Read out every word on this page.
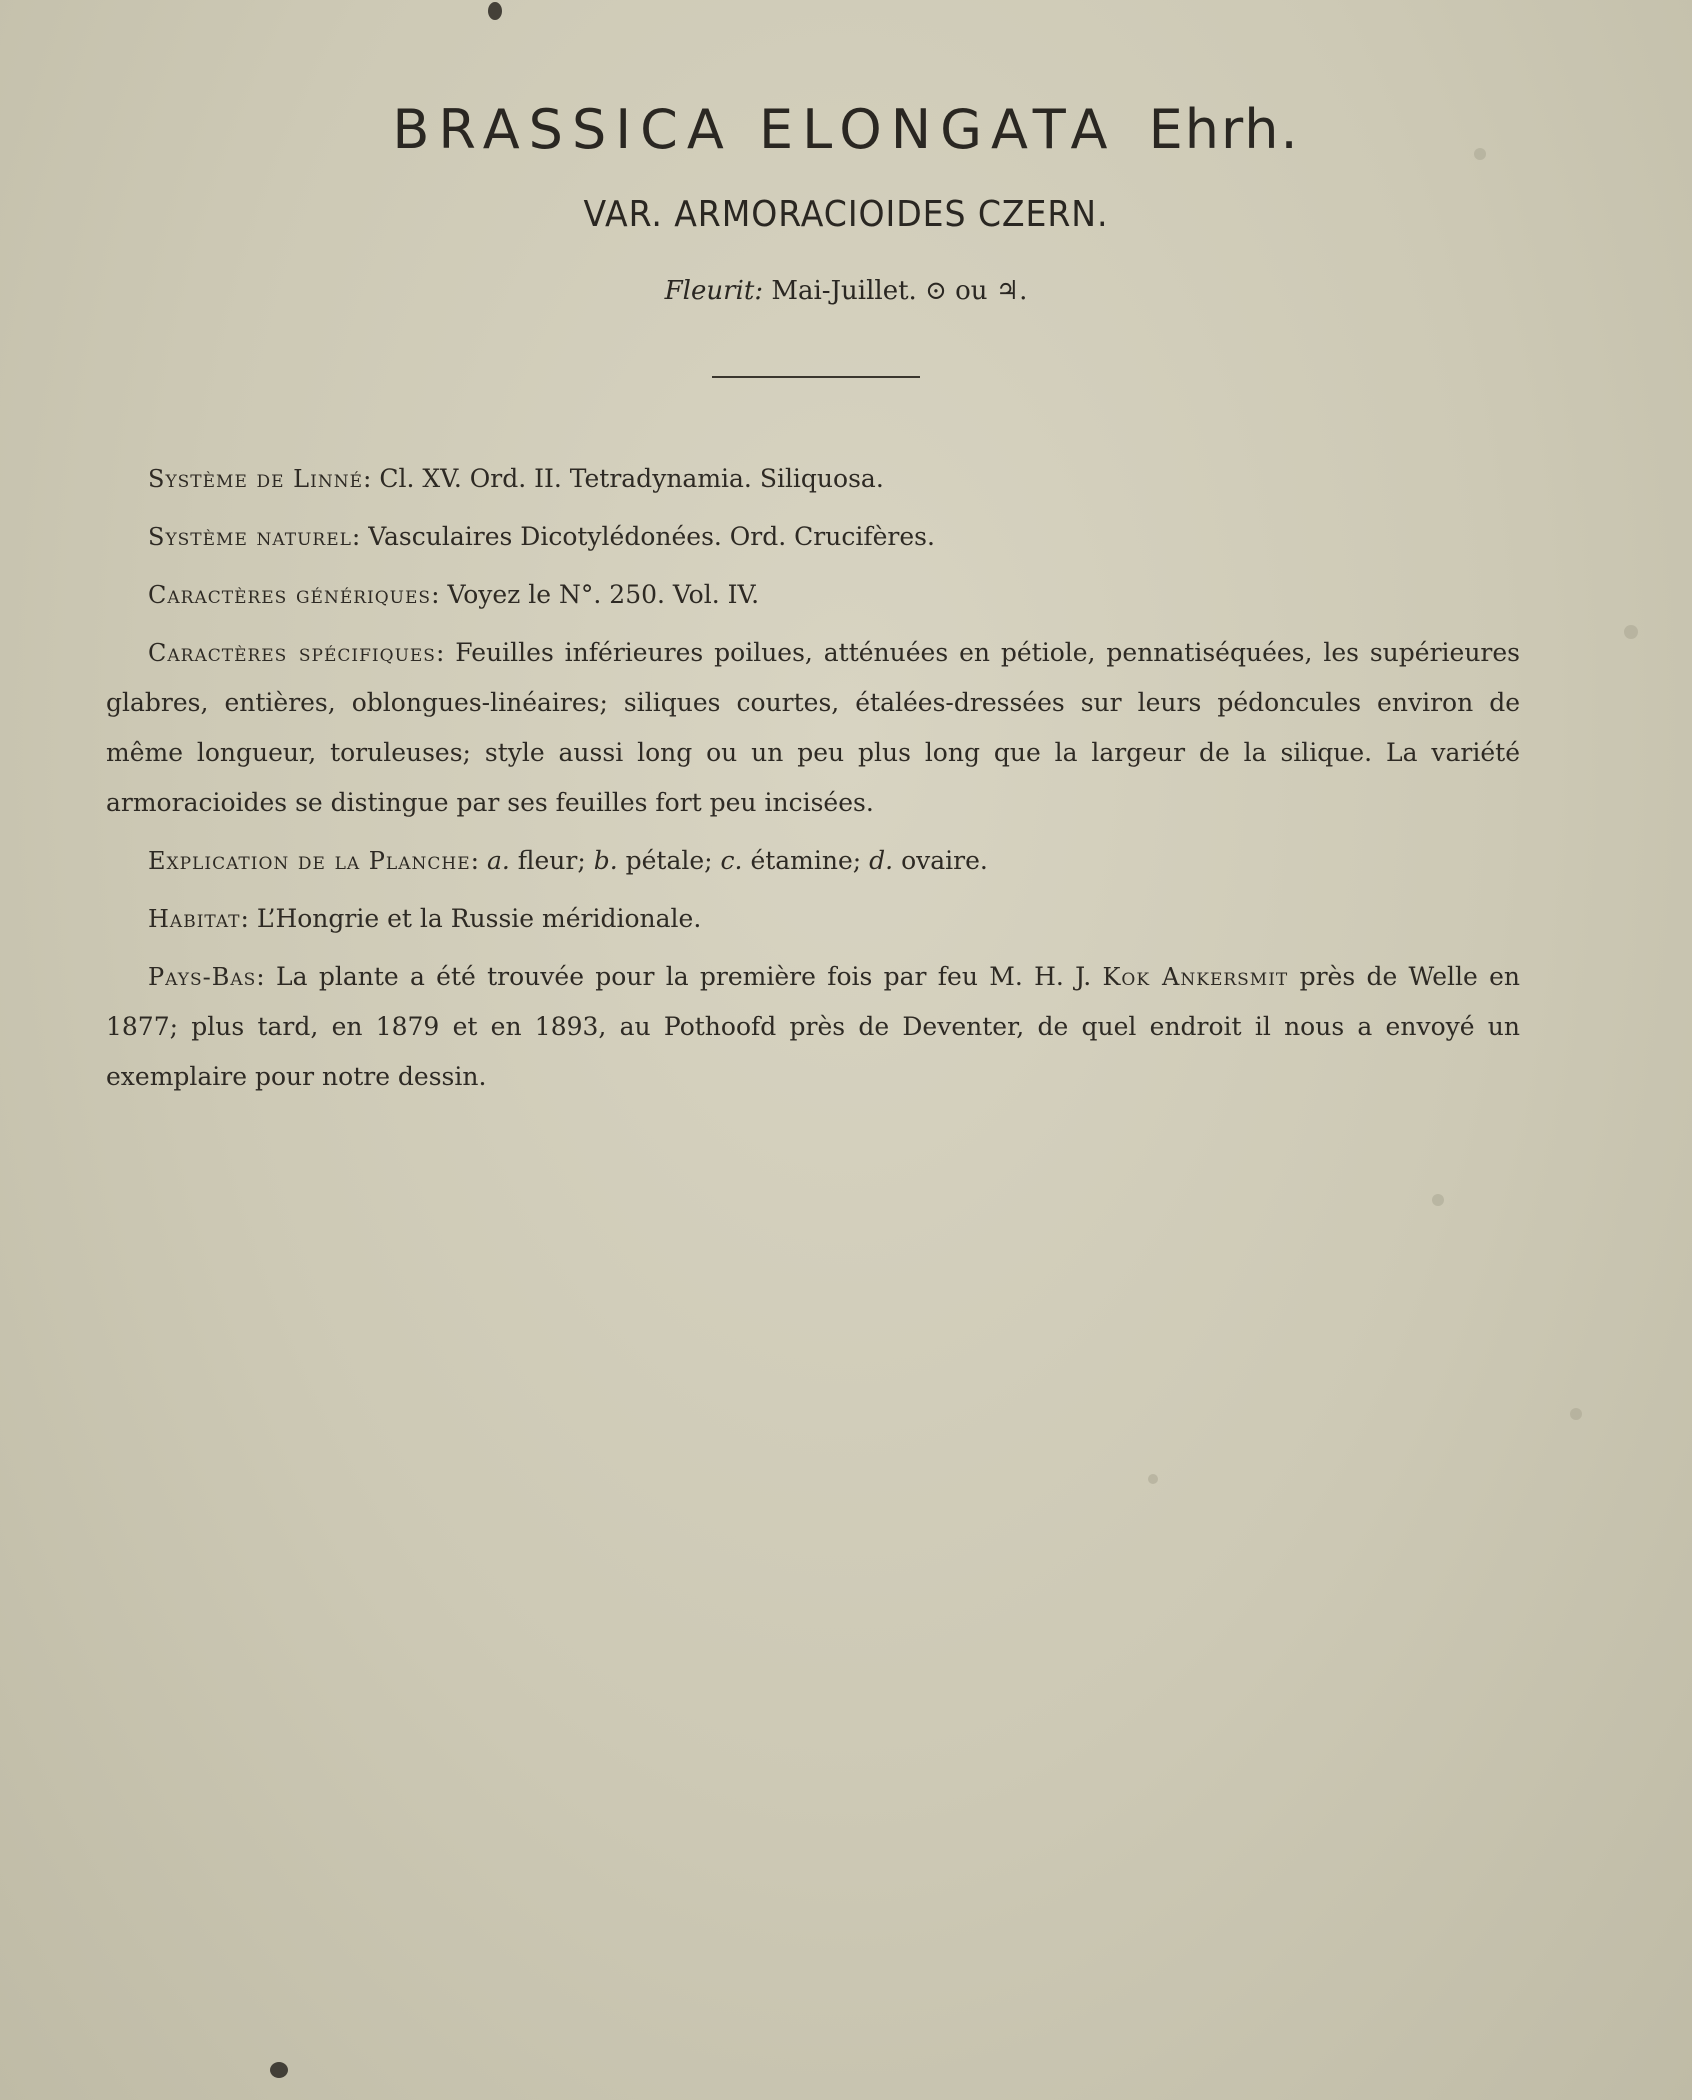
BRASSICA ELONGATA Ehrh.
VAR. ARMORACIOIDES CZERN.
Fleurit: Mai-Juillet. ⊙ ou ♃.

Système de Linné: Cl. XV. Ord. II. Tetradynamia. Siliquosa.

Système naturel: Vasculaires Dicotylédonées. Ord. Crucifères.

Caractères génériques: Voyez le N°. 250. Vol. IV.

Caractères spécifiques: Feuilles inférieures poilues, atténuées en pétiole, pennatiséquées, les supérieures glabres, entières, oblongues-linéaires; siliques courtes, étalées-dressées sur leurs pédoncules environ de même longueur, toruleuses; style aussi long ou un peu plus long que la largeur de la silique. La variété armoracioides se distingue par ses feuilles fort peu incisées.

Explication de la Planche: a. fleur; b. pétale; c. étamine; d. ovaire.

Habitat: L’Hongrie et la Russie méridionale.

Pays-Bas: La plante a été trouvée pour la première fois par feu M. H. J. Kok Ankersmit près de Welle en 1877; plus tard, en 1879 et en 1893, au Pothoofd près de Deventer, de quel endroit il nous a envoyé un exemplaire pour notre dessin.
